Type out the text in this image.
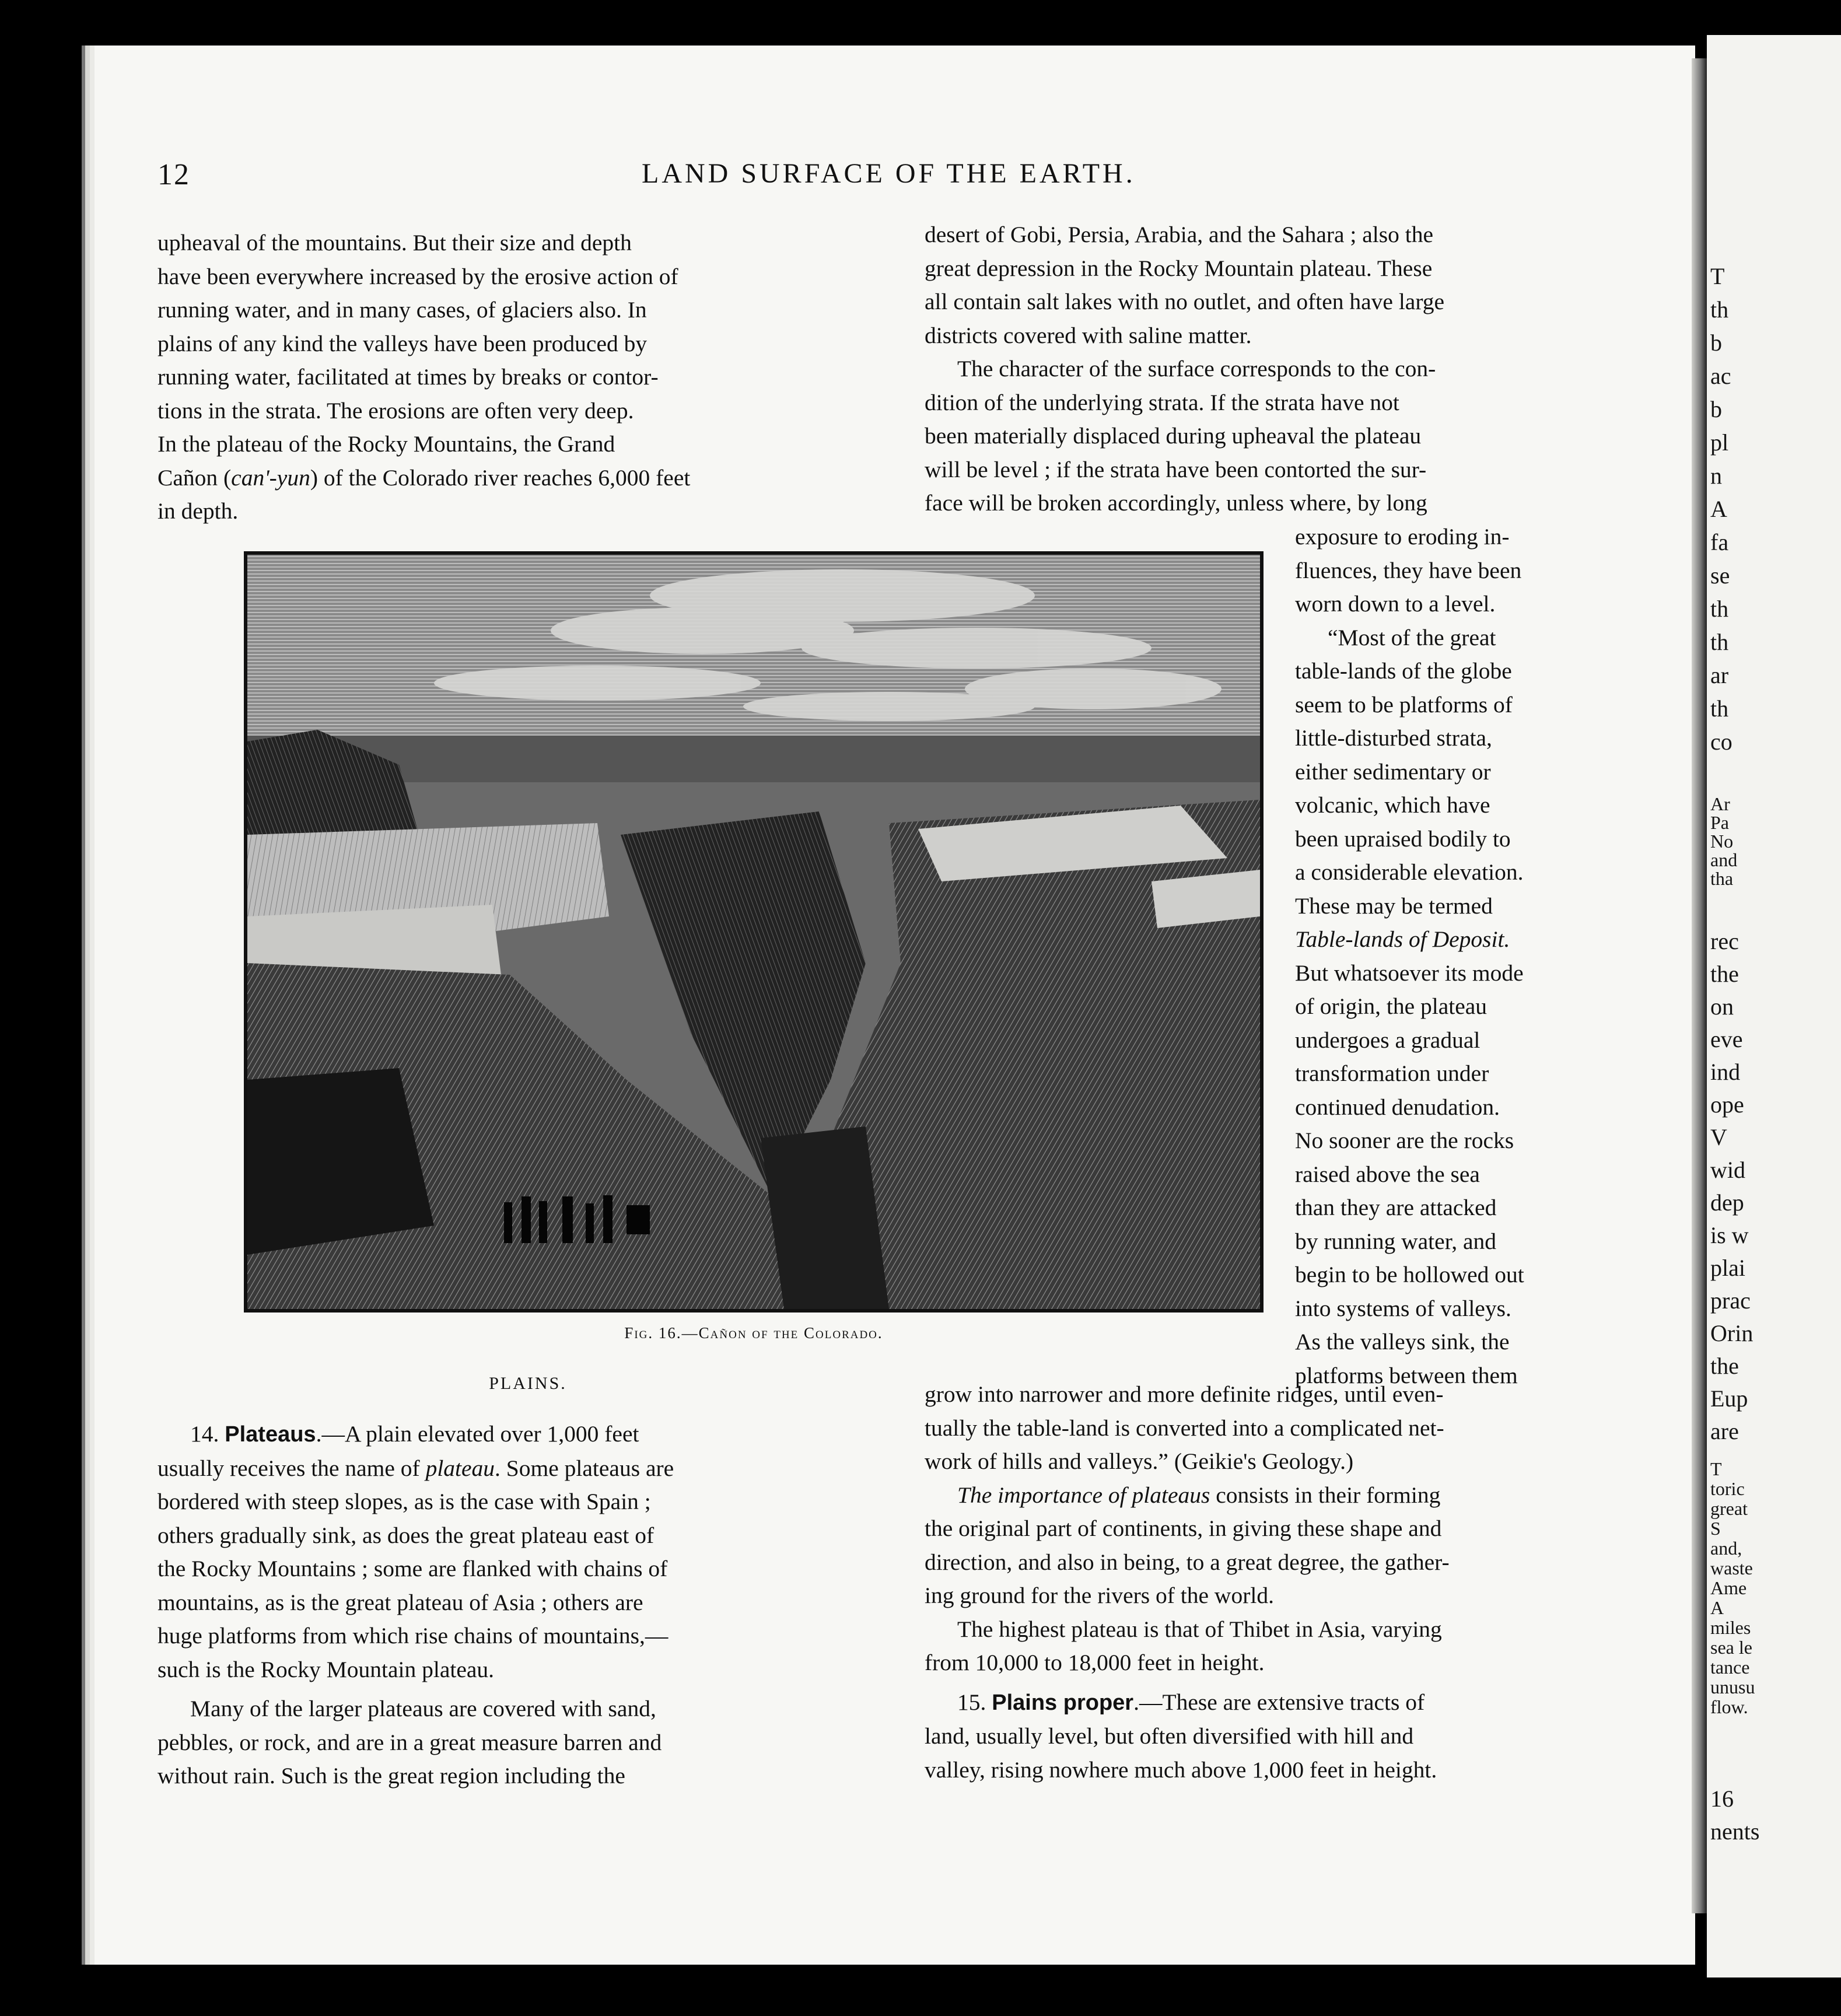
T
th
b
ac
b
pl
n
A
fa
se
th
th
ar
th
co
Ar
Pa
No
and
tha
rec
the
on
eve
ind
ope
V
wid
dep
is w
plai
prac
Orin
the
Eup
are
T
toric
great
S
and,
waste
Ame
A
miles
sea le
tance
unusu
flow.
16
nents
12	LAND SURFACE OF THE EARTH.

upheaval of the mountains. But their size and depth
have been everywhere increased by the erosive action of
running water, and in many cases, of glaciers also. In
plains of any kind the valleys have been produced by
running water, facilitated at times by breaks or contor-
tions in the strata. The erosions are often very deep.
In the plateau of the Rocky Mountains, the Grand
Cañon (can'-yun) of the Colorado river reaches 6,000 feet
in depth.

desert of Gobi, Persia, Arabia, and the Sahara ; also the
great depression in the Rocky Mountain plateau. These
all contain salt lakes with no outlet, and often have large
districts covered with saline matter.

The character of the surface corresponds to the con-
dition of the underlying strata. If the strata have not
been materially displaced during upheaval the plateau
will be level ; if the strata have been contorted the sur-
face will be broken accordingly, unless where, by long

exposure to eroding in-
fluences, they have been
worn down to a level.

“Most of the great
table-lands of the globe
seem to be platforms of
little-disturbed strata,
either sedimentary or
volcanic, which have
been upraised bodily to
a considerable elevation.
These may be termed
Table-lands of Deposit.
But whatsoever its mode
of origin, the plateau
undergoes a gradual
transformation under
continued denudation.
No sooner are the rocks
raised above the sea
than they are attacked
by running water, and
begin to be hollowed out
into systems of valleys.
As the valleys sink, the
platforms between them

Fig. 16.—Cañon of the Colorado.

grow into narrower and more definite ridges, until even-
tually the table-land is converted into a complicated net-
work of hills and valleys.” (Geikie's Geology.)

The importance of plateaus consists in their forming
the original part of continents, in giving these shape and
direction, and also in being, to a great degree, the gather-
ing ground for the rivers of the world.

The highest plateau is that of Thibet in Asia, varying
from 10,000 to 18,000 feet in height.

15. Plains proper.—These are extensive tracts of
land, usually level, but often diversified with hill and
valley, rising nowhere much above 1,000 feet in height.

PLAINS.

14. Plateaus.—A plain elevated over 1,000 feet
usually receives the name of plateau. Some plateaus are
bordered with steep slopes, as is the case with Spain ;
others gradually sink, as does the great plateau east of
the Rocky Mountains ; some are flanked with chains of
mountains, as is the great plateau of Asia ; others are
huge platforms from which rise chains of mountains,—
such is the Rocky Mountain plateau.

Many of the larger plateaus are covered with sand,
pebbles, or rock, and are in a great measure barren and
without rain. Such is the great region including the
